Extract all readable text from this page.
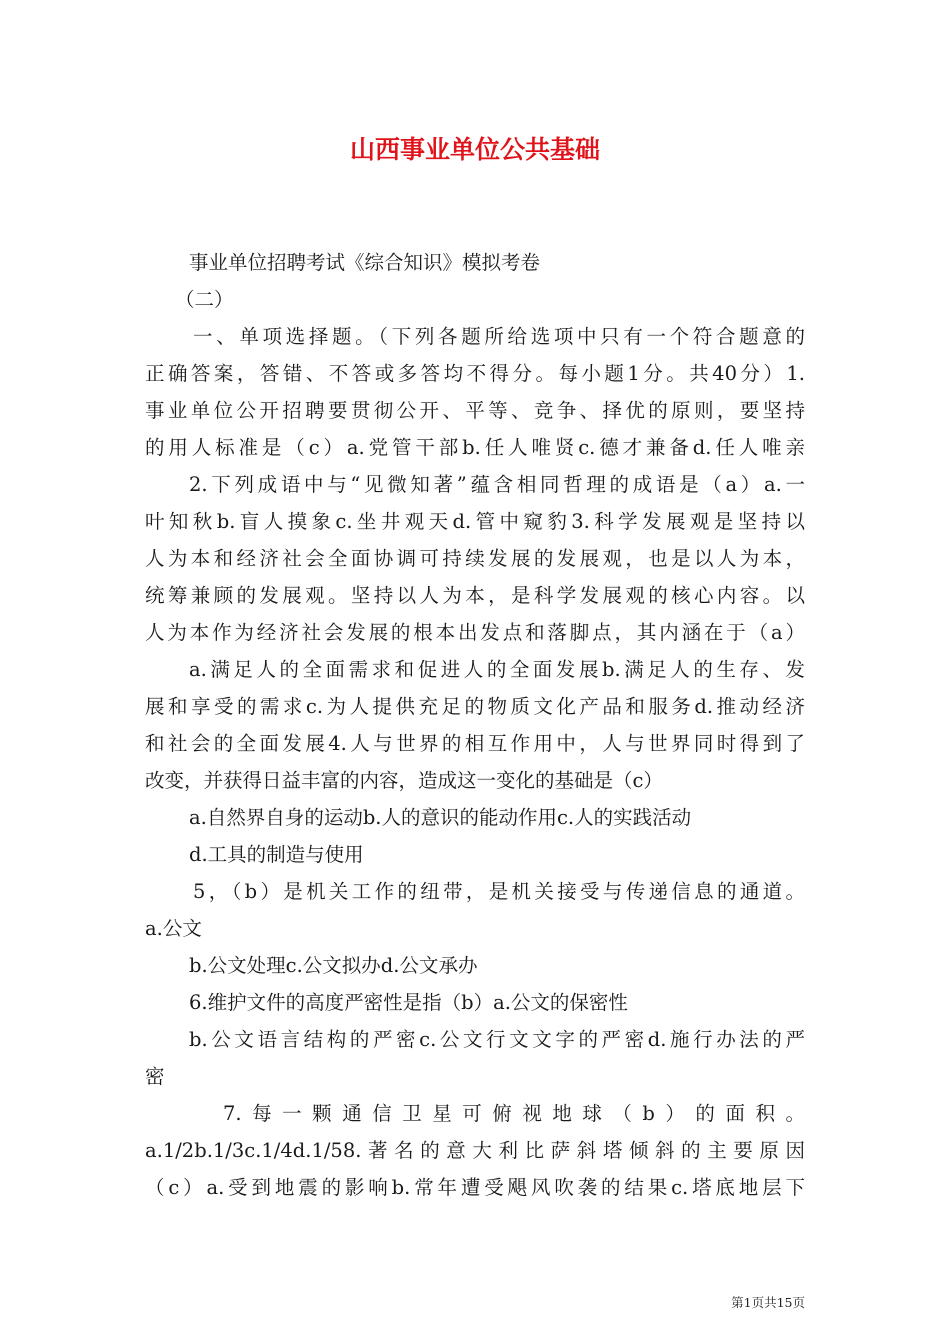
山西事业单位公共基础
事业单位招聘考试《综合知识》模拟考卷
（二）
一、单项选择题。（下列各题所给选项中只有一个符合题意的
正确答案，答错、不答或多答均不得分。每小题1分。共40分）1.
事业单位公开招聘要贯彻公开、平等、竞争、择优的原则，要坚持
的用人标准是（c）a.党管干部b.任人唯贤c.德才兼备d.任人唯亲
2.下列成语中与“见微知著”蕴含相同哲理的成语是（a）a.一
叶知秋b.盲人摸象c.坐井观天d.管中窥豹3.科学发展观是坚持以
人为本和经济社会全面协调可持续发展的发展观，也是以人为本，
统筹兼顾的发展观。坚持以人为本，是科学发展观的核心内容。以
人为本作为经济社会发展的根本出发点和落脚点，其内涵在于（a）
a.满足人的全面需求和促进人的全面发展b.满足人的生存、发
展和享受的需求c.为人提供充足的物质文化产品和服务d.推动经济
和社会的全面发展4.人与世界的相互作用中，人与世界同时得到了
改变，并获得日益丰富的内容，造成这一变化的基础是（c）
a.自然界自身的运动b.人的意识的能动作用c.人的实践活动
d.工具的制造与使用
5，（b）是机关工作的纽带，是机关接受与传递信息的通道。
a.公文
b.公文处理c.公文拟办d.公文承办
6.维护文件的高度严密性是指（b）a.公文的保密性
b.公文语言结构的严密c.公文行文文字的严密d.施行办法的严
密
7.每一颗通信卫星可俯视地球（b）的面积。
a.1/2b.1/3c.1/4d.1/58.著名的意大利比萨斜塔倾斜的主要原因
（c）a.受到地震的影响b.常年遭受飓风吹袭的结果c.塔底地层下
第1页共15页
